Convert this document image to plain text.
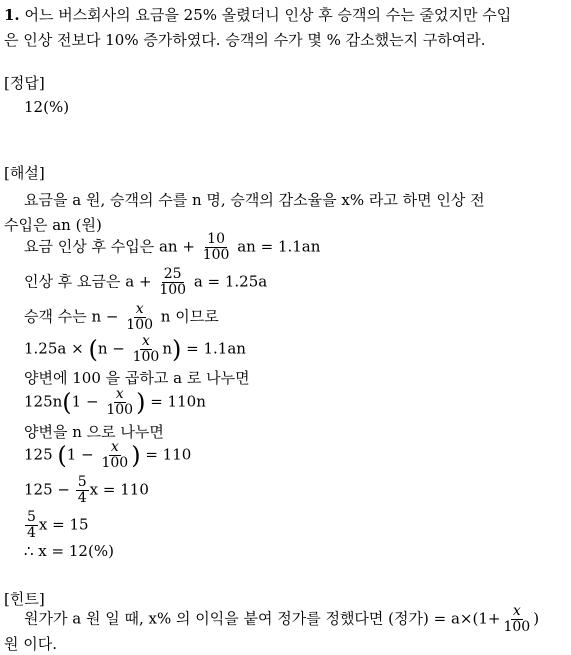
1. 어느 버스회사의 요금을 25% 올렸더니 인상 후 승객의 수는 줄었지만 수입
은 인상 전보다 10% 증가하였다. 승객의 수가 몇 % 감소했는지 구하여라.
[정답]
12(%)
[해설]
요금을 a 원, 승객의 수를 n 명, 승객의 감소율을 x% 라고 하면 인상 전
수입은 an (원)
요금 인상 후 수입은 an + $\frac{10}{100}$ an = 1.1an
인상 후 요금은 $a + \frac{25}{100}$ a = 1.25a
승객 수는 $n - \frac{x}{100}$ n 이므로
$1.25a \times (n - \frac{x}{100} n) = 1.1an$
양변에 100 을 곱하고 a 로 나누면
$125n(1 - \frac{x}{100}$ ) = 110n
양변을 n 으로 나누면
125 ($1 - \frac{x}{100}$ ) = 110
$125 - \frac{5}{4}$ x = 110
$\frac{5}{4}$ x = 15
∴ x = 12(%)
[힌트]
원가가 a 원 일 때, x% 의 이익을 붙여 정가를 정했다면 (정가) = $a\times(1+ \frac{x}{100}$ )
원 이다.
